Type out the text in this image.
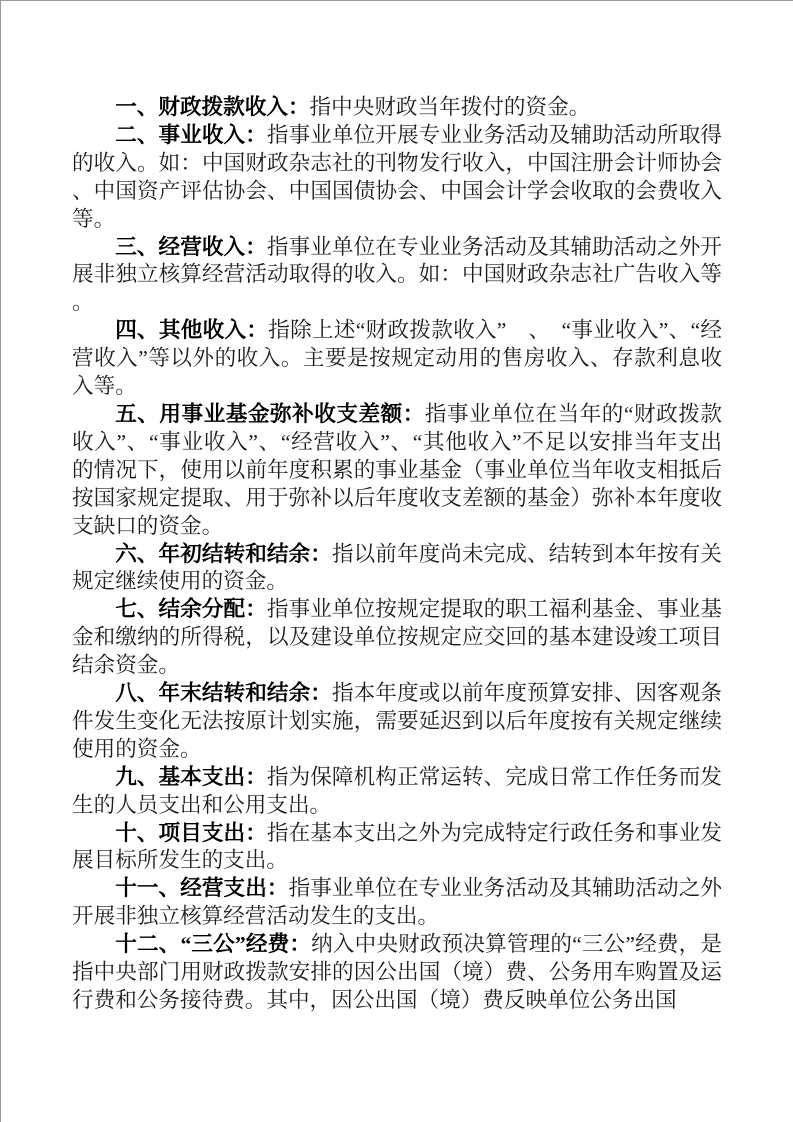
一、财政拨款收入：指中央财政当年拨付的资金。

二、事业收入：指事业单位开展专业业务活动及辅助活动所取得的收入。如：中国财政杂志社的刊物发行收入，中国注册会计师协会、中国资产评估协会、中国国债协会、中国会计学会收取的会费收入等。

三、经营收入：指事业单位在专业业务活动及其辅助活动之外开展非独立核算经营活动取得的收入。如：中国财政杂志社广告收入等。

四、其他收入：指除上述“财政拨款收入”　、　“事业收入”、“经营收入”等以外的收入。主要是按规定动用的售房收入、存款利息收入等。

五、用事业基金弥补收支差额：指事业单位在当年的“财政拨款收入”、“事业收入”、“经营收入”、“其他收入”不足以安排当年支出的情况下，使用以前年度积累的事业基金（事业单位当年收支相抵后按国家规定提取、用于弥补以后年度收支差额的基金）弥补本年度收支缺口的资金。

六、年初结转和结余：指以前年度尚未完成、结转到本年按有关规定继续使用的资金。

七、结余分配：指事业单位按规定提取的职工福利基金、事业基金和缴纳的所得税，以及建设单位按规定应交回的基本建设竣工项目结余资金。

八、年末结转和结余：指本年度或以前年度预算安排、因客观条件发生变化无法按原计划实施，需要延迟到以后年度按有关规定继续使用的资金。

九、基本支出：指为保障机构正常运转、完成日常工作任务而发生的人员支出和公用支出。

十、项目支出：指在基本支出之外为完成特定行政任务和事业发展目标所发生的支出。

十一、经营支出：指事业单位在专业业务活动及其辅助活动之外开展非独立核算经营活动发生的支出。

十二、“三公”经费：纳入中央财政预决算管理的“三公”经费，是指中央部门用财政拨款安排的因公出国（境）费、公务用车购置及运行费和公务接待费。其中，因公出国（境）费反映单位公务出国
